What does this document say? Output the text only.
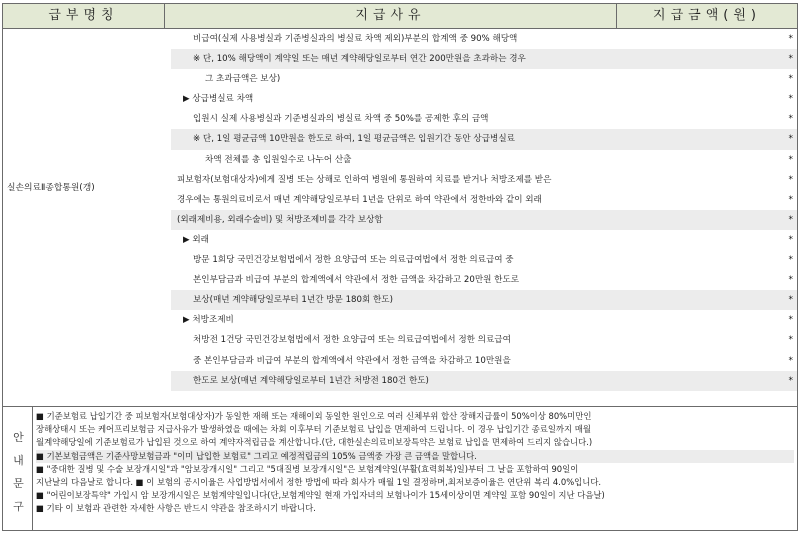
급부명칭	지급사유	지급금액(원)
비급여(실제 사용병실과 기준병실과의 병실료 차액 제외)부분의 합계액 중 90% 해당액	*
※ 단, 10% 해당액이 계약일 또는 매년 계약해당일로부터 연간 200만원을 초과하는 경우	*
그 초과금액은 보상)	*
▶ 상급병실료 차액	*
입원시 실제 사용병실과 기준병실과의 병실료 차액 중 50%를 공제한 후의 금액	*
※ 단, 1일 평균금액 10만원을 한도로 하여, 1일 평균금액은 입원기간 동안 상급병실료	*
차액 전체를 총 입원일수로 나누어 산출	*
피보험자(보험대상자)에게 질병 또는 상해로 인하여 병원에 통원하여 치료를 받거나 처방조제를 받은	*
경우에는 통원의료비로서 매년 계약해당일로부터 1년을 단위로 하여 약관에서 정한바와 같이 외래	*
(외래제비용, 외래수술비) 및 처방조제비를 각각 보상함	*
▶ 외래	*
방문 1회당 국민건강보험법에서 정한 요양급여 또는 의료급여법에서 정한 의료급여 중	*
본인부담금과 비급여 부분의 합계액에서 약관에서 정한 금액을 차감하고 20만원 한도로	*
보상(매년 계약해당일로부터 1년간 방문 180회 한도)	*
▶ 처방조제비	*
처방전 1건당 국민건강보험법에서 정한 요양급여 또는 의료급여법에서 정한 의료급여	*
중 본인부담금과 비급여 부분의 합계액에서 약관에서 정한 금액을 차감하고 10만원을	*
한도로 보상(매년 계약해당일로부터 1년간 처방전 180건 한도)	*
실손의료Ⅱ종합통원(갱)
안
내
문
구

■ 기준보험료 납입기간 중 피보험자(보험대상자)가 동일한 재해 또는 재해이외 동일한 원인으로 여러 신체부위 합산 장해지급률이 50%이상 80%미만인

장해상태시 또는 케어프리보험금 지급사유가 발생하였을 때에는 차회 이후부터 기준보험료 납입을 면제하여 드립니다. 이 경우 납입기간 종료일까지 매월

월계약해당일에 기준보험료가 납입된 것으로 하여 계약자적립금을 계산합니다.(단, 대한실손의료비보장특약은 보험료 납입을 면제하여 드리지 않습니다.)

■ 기본보험금액은 기준사망보험금과 "이미 납입한 보험료" 그리고 예정적립금의 105% 금액중 가장 큰 금액을 말합니다.

■ "중대한 질병 및 수술 보장개시일"과 "암보장개시일" 그리고 "5대질병 보장개시일"은 보험계약일(부활(효력회복)일)부터 그 날을 포함하여 90일이

지난날의 다음날로 합니다. ■ 이 보험의 공시이율은 사업방법서에서 정한 방법에 따라 회사가 매월 1일 결정하며,최저보증이율은 연단위 복리 4.0%입니다.

■ "어린이보장특약" 가입시 암 보장개시일은 보험계약일입니다(단,보험계약일 현재 가입자녀의 보험나이가 15세이상이면 계약일 포함 90일이 지난 다음날)

■ 기타 이 보험과 관련한 자세한 사항은 반드시 약관을 참조하시기 바랍니다.
